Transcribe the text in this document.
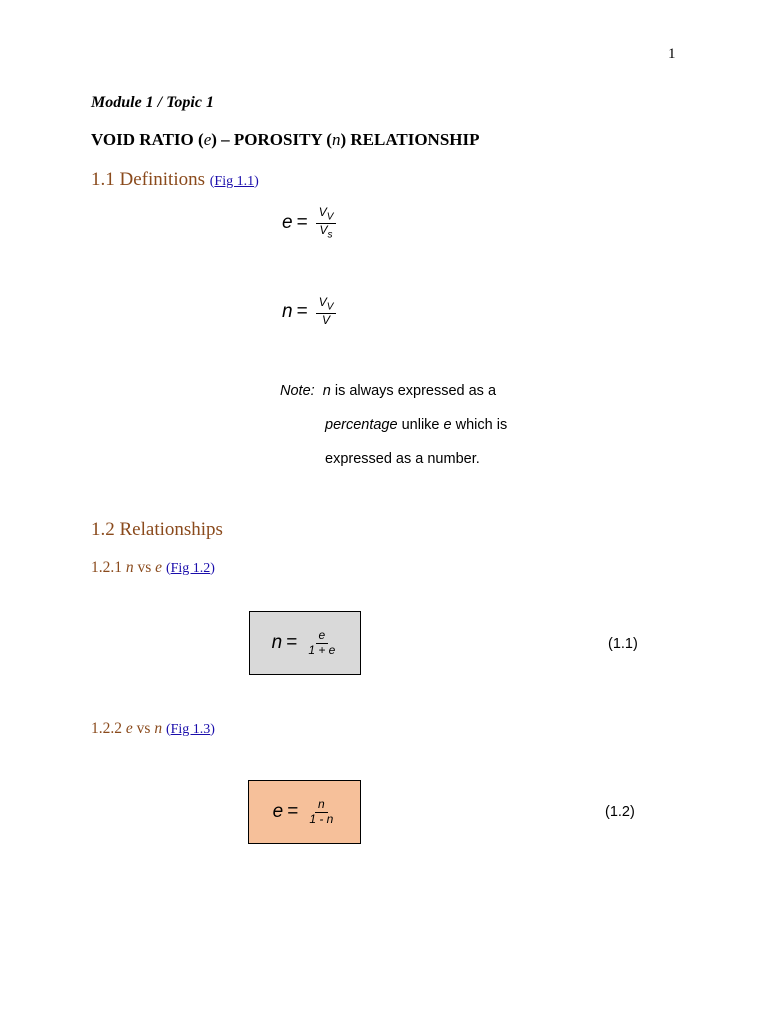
1
Module 1 / Topic 1
VOID RATIO (e) – POROSITY (n) RELATIONSHIP
1.1 Definitions (Fig 1.1)
$e = \frac{V_V}{V_s}$
$n = \frac{V_V}{V}$
Note: n is always expressed as a
percentage unlike e which is
expressed as a number.
1.2 Relationships
1.2.1 n vs e (Fig 1.2)
$n = \frac{e}{1 + e}$	(1.1)
1.2.2 e vs n (Fig 1.3)
$e = \frac{n}{1 - n}$	(1.2)
